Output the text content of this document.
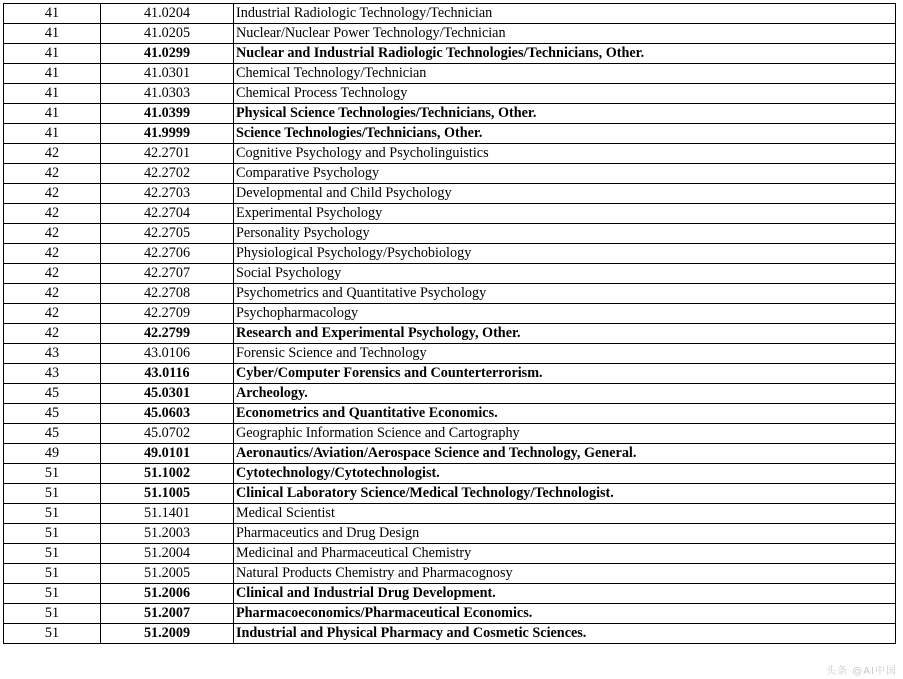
41	41.0204	Industrial Radiologic Technology/Technician
41	41.0205	Nuclear/Nuclear Power Technology/Technician
41	41.0299	Nuclear and Industrial Radiologic Technologies/Technicians, Other.
41	41.0301	Chemical Technology/Technician
41	41.0303	Chemical Process Technology
41	41.0399	Physical Science Technologies/Technicians, Other.
41	41.9999	Science Technologies/Technicians, Other.
42	42.2701	Cognitive Psychology and Psycholinguistics
42	42.2702	Comparative Psychology
42	42.2703	Developmental and Child Psychology
42	42.2704	Experimental Psychology
42	42.2705	Personality Psychology
42	42.2706	Physiological Psychology/Psychobiology
42	42.2707	Social Psychology
42	42.2708	Psychometrics and Quantitative Psychology
42	42.2709	Psychopharmacology
42	42.2799	Research and Experimental Psychology, Other.
43	43.0106	Forensic Science and Technology
43	43.0116	Cyber/Computer Forensics and Counterterrorism.
45	45.0301	Archeology.
45	45.0603	Econometrics and Quantitative Economics.
45	45.0702	Geographic Information Science and Cartography
49	49.0101	Aeronautics/Aviation/Aerospace Science and Technology, General.
51	51.1002	Cytotechnology/Cytotechnologist.
51	51.1005	Clinical Laboratory Science/Medical Technology/Technologist.
51	51.1401	Medical Scientist
51	51.2003	Pharmaceutics and Drug Design
51	51.2004	Medicinal and Pharmaceutical Chemistry
51	51.2005	Natural Products Chemistry and Pharmacognosy
51	51.2006	Clinical and Industrial Drug Development.
51	51.2007	Pharmacoeconomics/Pharmaceutical Economics.
51	51.2009	Industrial and Physical Pharmacy and Cosmetic Sciences.
头条 @AI中国
